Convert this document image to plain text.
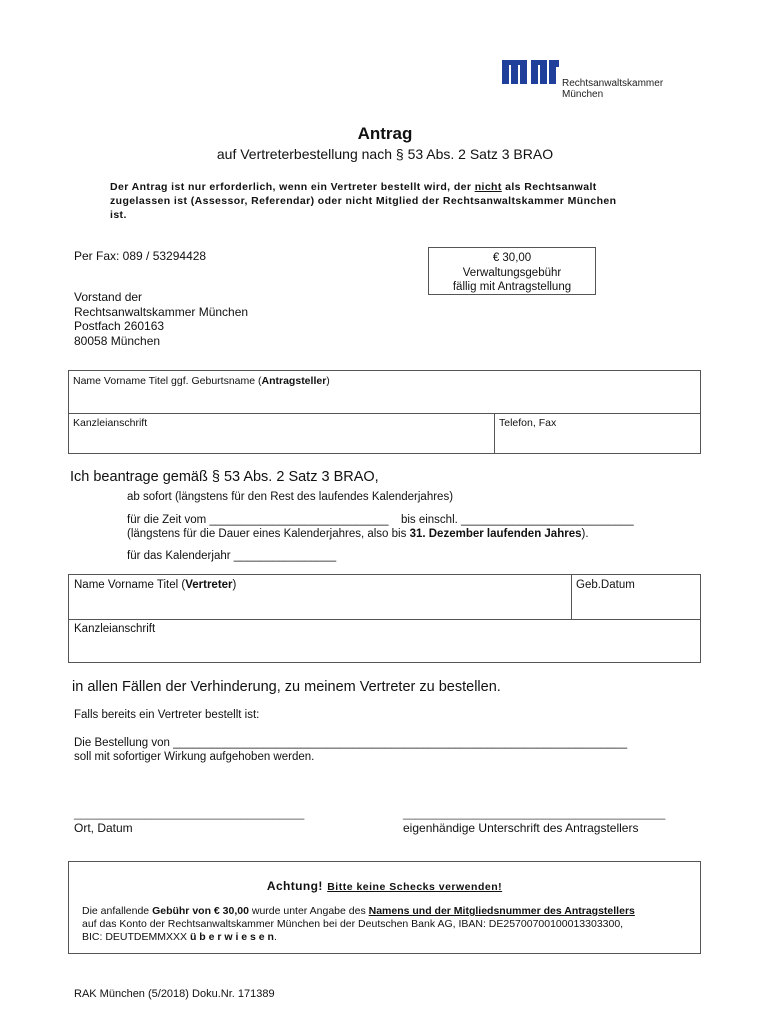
Rechtsanwaltskammer
München
Antrag
auf Vertreterbestellung nach § 53 Abs. 2 Satz 3 BRAO
Der Antrag ist nur erforderlich, wenn ein Vertreter bestellt wird, der nicht als Rechtsanwalt
zugelassen ist (Assessor, Referendar) oder nicht Mitglied der Rechtsanwaltskammer München
ist.
Per Fax: 089 / 53294428	€ 30,00
Verwaltungsgebühr
fällig mit Antragstellung
Vorstand der
Rechtsanwaltskammer München
Postfach 260163
80058 München
Name Vorname Titel ggf. Geburtsname (Antragsteller)
Kanzleianschrift	Telefon, Fax
Ich beantrage gemäß § 53 Abs. 2 Satz 3 BRAO,
ab sofort (längstens für den Rest des laufendes Kalenderjahres)
für die Zeit vom ____________________________ bis einschl. ___________________________
(längstens für die Dauer eines Kalenderjahres, also bis 31. Dezember laufenden Jahres).
für das Kalenderjahr ________________
Name Vorname Titel (Vertreter)	Geb.Datum
Kanzleianschrift
in allen Fällen der Verhinderung, zu meinem Vertreter zu bestellen.
Falls bereits ein Vertreter bestellt ist:
Die Bestellung von _______________________________________________________________________
soll mit sofortiger Wirkung aufgehoben werden.
____________________________________
Ort, Datum
_________________________________________
eigenhändige Unterschrift des Antragstellers
Achtung! Bitte keine Schecks verwenden!
Die anfallende Gebühr von € 30,00 wurde unter Angabe des Namens und der Mitgliedsnummer des Antragstellers
auf das Konto der Rechtsanwaltskammer München bei der Deutschen Bank AG, IBAN: DE25700700100013303300,
BIC: DEUTDEMMXXX ü b e r w i e s e n.
RAK München (5/2018) Doku.Nr. 171389
